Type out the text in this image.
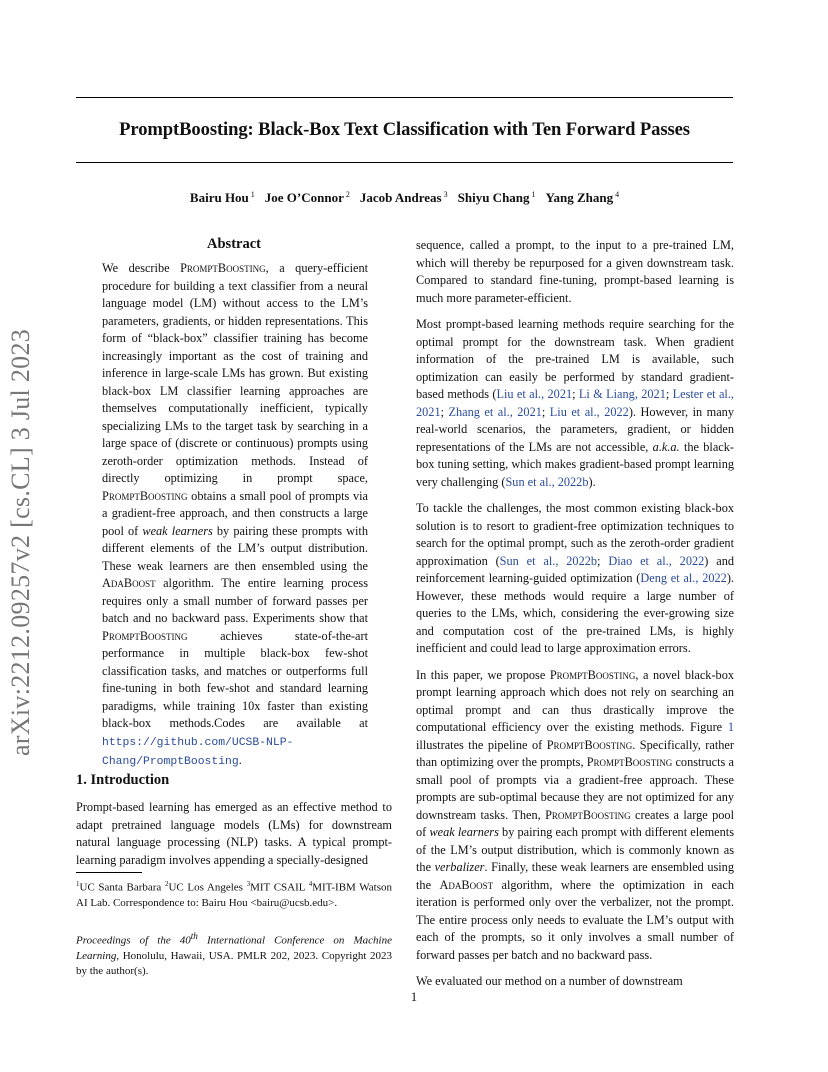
PromptBoosting: Black-Box Text Classification with Ten Forward Passes
Bairu Hou $^1$ Joe O’Connor $^2$ Jacob Andreas $^3$ Shiyu Chang $^1$ Yang Zhang $^4$
arXiv:2212.09257v2 [cs.CL] 3 Jul 2023
Abstract

We describe PromptBoosting, a query-efficient procedure for building a text classifier from a neural language model (LM) without access to the LM’s parameters, gradients, or hidden representations. This form of “black-box” classifier training has become increasingly important as the cost of training and inference in large-scale LMs has grown. But existing black-box LM classifier learning approaches are themselves computationally inefficient, typically specializing LMs to the target task by searching in a large space of (discrete or continuous) prompts using zeroth-order optimization methods. Instead of directly optimizing in prompt space, PromptBoosting obtains a small pool of prompts via a gradient-free approach, and then constructs a large pool of weak learners by pairing these prompts with different elements of the LM’s output distribution. These weak learners are then ensembled using the AdaBoost algorithm. The entire learning process requires only a small number of forward passes per batch and no backward pass. Experiments show that PromptBoosting achieves state-of-the-art performance in multiple black-box few-shot classification tasks, and matches or outperforms full fine-tuning in both few-shot and standard learning paradigms, while training 10x faster than existing black-box methods.Codes are available at https://github.com/UCSB-NLP-Chang/PromptBoosting.

1. Introduction
Prompt-based learning has emerged as an effective method to adapt pretrained language models (LMs) for downstream natural language processing (NLP) tasks. A typical prompt-learning paradigm involves appending a specially-designed
$^1$UC Santa Barbara $^2$UC Los Angeles $^3$MIT CSAIL $^4$MIT-IBM Watson AI Lab. Correspondence to: Bairu Hou <bairu@ucsb.edu>.
Proceedings of the 40th International Conference on Machine Learning, Honolulu, Hawaii, USA. PMLR 202, 2023. Copyright 2023 by the author(s).

sequence, called a prompt, to the input to a pre-trained LM, which will thereby be repurposed for a given downstream task. Compared to standard fine-tuning, prompt-based learning is much more parameter-efficient.

Most prompt-based learning methods require searching for the optimal prompt for the downstream task. When gradient information of the pre-trained LM is available, such optimization can easily be performed by standard gradient-based methods (Liu et al., 2021; Li & Liang, 2021; Lester et al., 2021; Zhang et al., 2021; Liu et al., 2022). However, in many real-world scenarios, the parameters, gradient, or hidden representations of the LMs are not accessible, a.k.a. the black-box tuning setting, which makes gradient-based prompt learning very challenging (Sun et al., 2022b).

To tackle the challenges, the most common existing black-box solution is to resort to gradient-free optimization techniques to search for the optimal prompt, such as the zeroth-order gradient approximation (Sun et al., 2022b; Diao et al., 2022) and reinforcement learning-guided optimization (Deng et al., 2022). However, these methods would require a large number of queries to the LMs, which, considering the ever-growing size and computation cost of the pre-trained LMs, is highly inefficient and could lead to large approximation errors.

In this paper, we propose PromptBoosting, a novel black-box prompt learning approach which does not rely on searching an optimal prompt and can thus drastically improve the computational efficiency over the existing methods. Figure 1 illustrates the pipeline of PromptBoosting. Specifically, rather than optimizing over the prompts, PromptBoosting constructs a small pool of prompts via a gradient-free approach. These prompts are sub-optimal because they are not optimized for any downstream tasks. Then, PromptBoosting creates a large pool of weak learners by pairing each prompt with different elements of the LM’s output distribution, which is commonly known as the verbalizer. Finally, these weak learners are ensembled using the AdaBoost algorithm, where the optimization in each iteration is performed only over the verbalizer, not the prompt. The entire process only needs to evaluate the LM’s output with each of the prompts, so it only involves a small number of forward passes per batch and no backward pass.

We evaluated our method on a number of downstream

1
